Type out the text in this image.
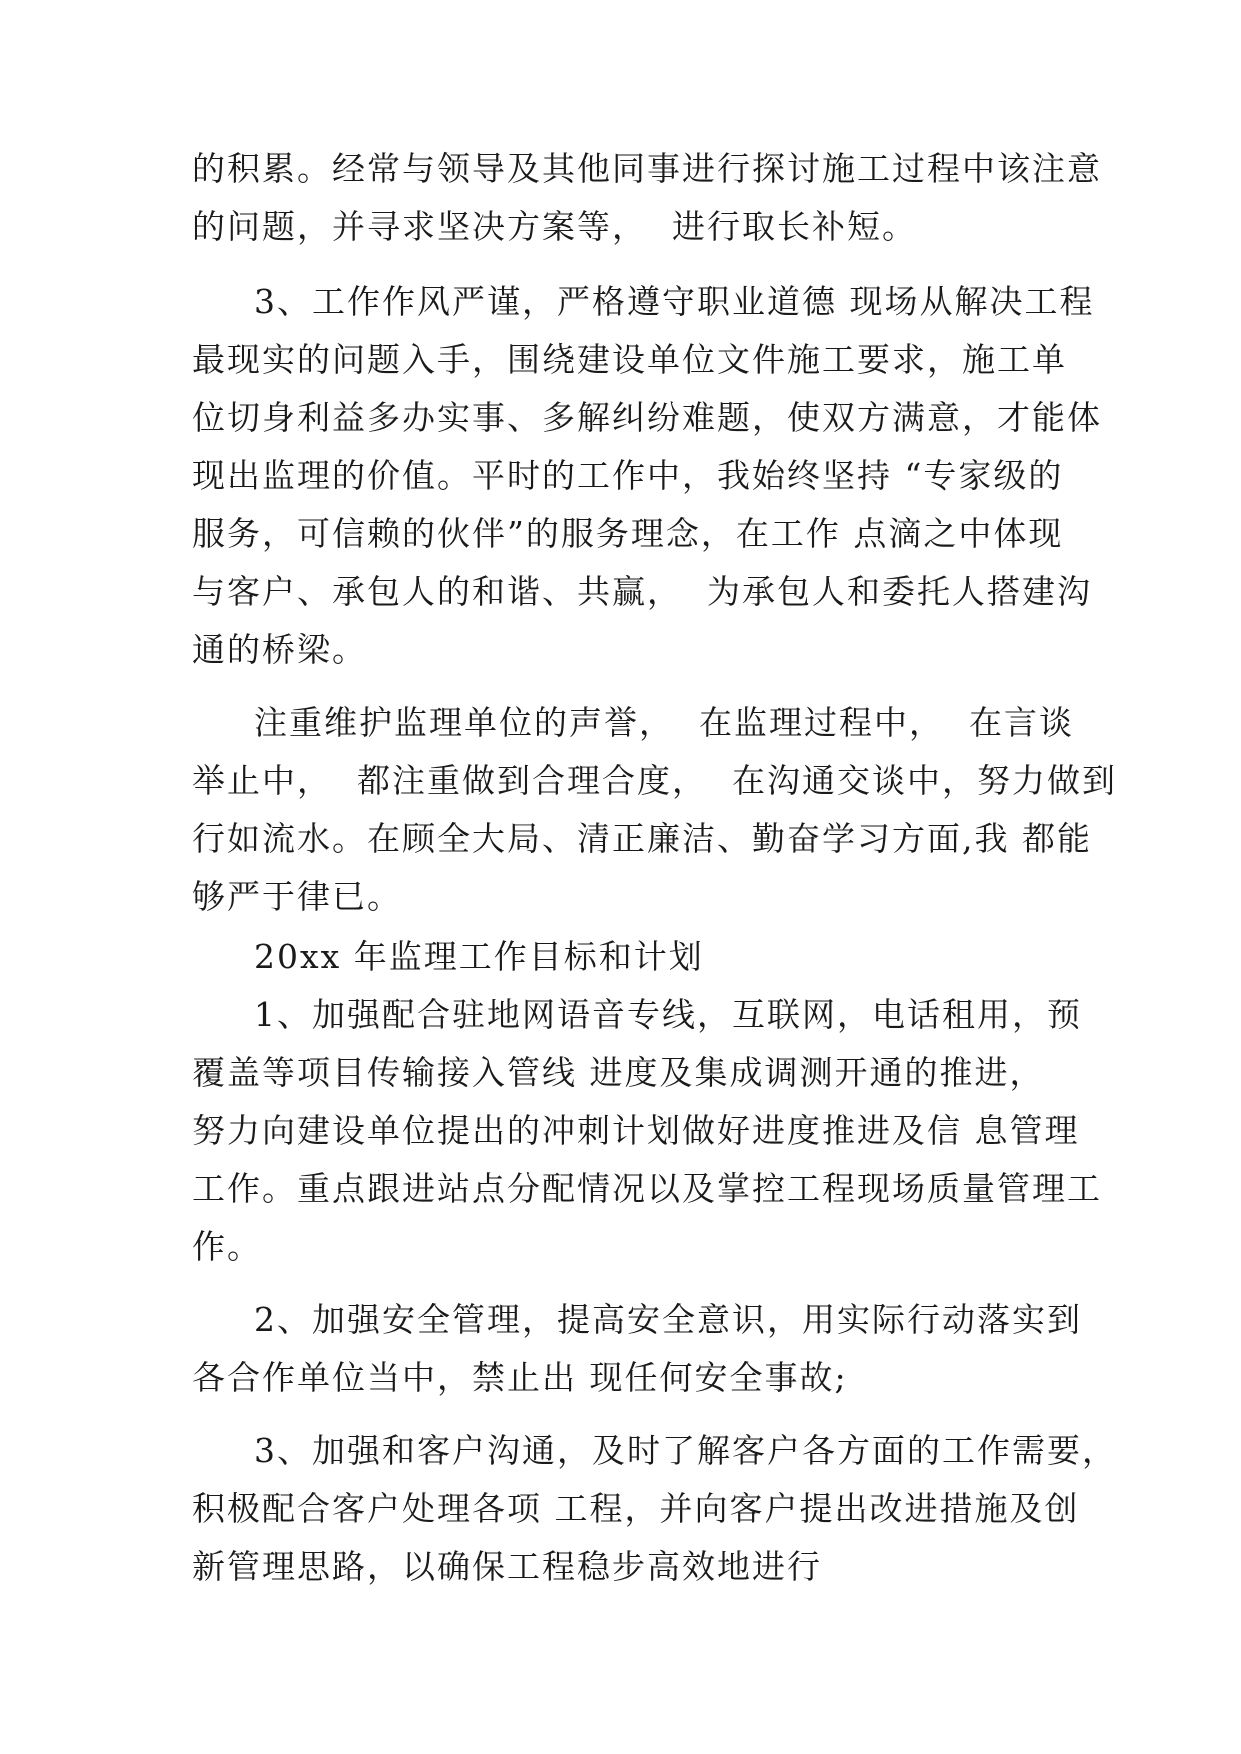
的积累。经常与领导及其他同事进行探讨施工过程中该注意
的问题，并寻求坚决方案等，  进行取长补短。
3、工作作风严谨，严格遵守职业道德 现场从解决工程
最现实的问题入手，围绕建设单位文件施工要求，施工单
位切身利益多办实事、多解纠纷难题，使双方满意，才能体
现出监理的价值。平时的工作中，我始终坚持 “专家级的
服务，可信赖的伙伴”的服务理念，在工作 点滴之中体现
与客户、承包人的和谐、共赢，  为承包人和委托人搭建沟
通的桥梁。
注重维护监理单位的声誉，  在监理过程中，  在言谈
举止中，  都注重做到合理合度，  在沟通交谈中，努力做到
行如流水。在顾全大局、清正廉洁、勤奋学习方面,我 都能
够严于律已。
20xx 年监理工作目标和计划
1、加强配合驻地网语音专线，互联网，电话租用，预
覆盖等项目传输接入管线 进度及集成调测开通的推进，
努力向建设单位提出的冲刺计划做好进度推进及信 息管理
工作。重点跟进站点分配情况以及掌控工程现场质量管理工
作。
2、加强安全管理，提高安全意识，用实际行动落实到
各合作单位当中，禁止出 现任何安全事故;
3、加强和客户沟通，及时了解客户各方面的工作需要，
积极配合客户处理各项 工程，并向客户提出改进措施及创
新管理思路，以确保工程稳步高效地进行
